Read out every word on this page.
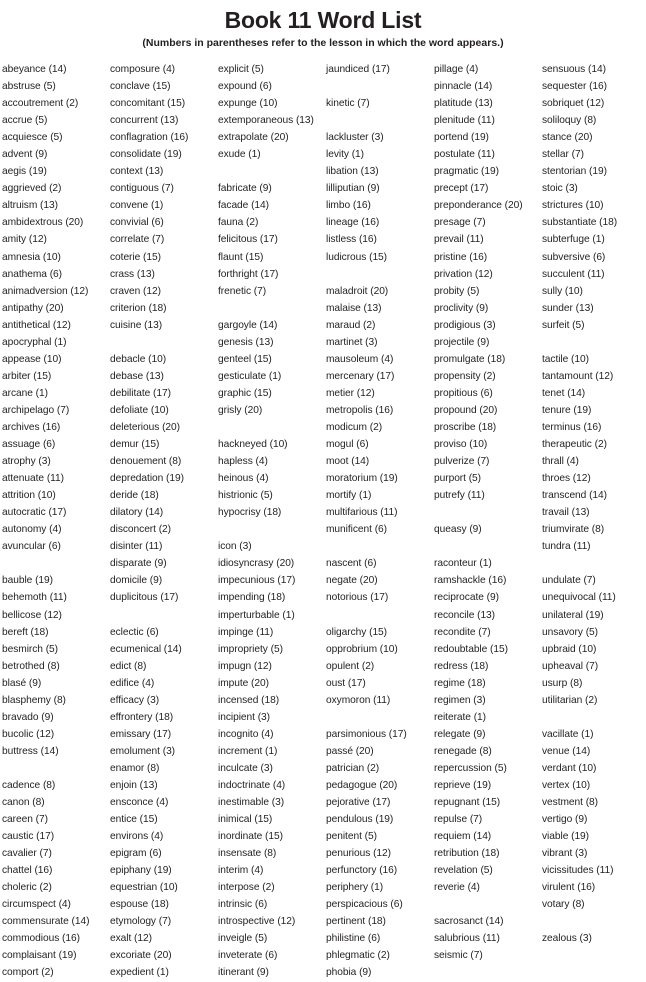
Book 11 Word List

(Numbers in parentheses refer to the lesson in which the word appears.)

abeyance (14)
abstruse (5)
accoutrement (2)
accrue (5)
acquiesce (5)
advent (9)
aegis (19)
aggrieved (2)
altruism (13)
ambidextrous (20)
amity (12)
amnesia (10)
anathema (6)
animadversion (12)
antipathy (20)
antithetical (12)
apocryphal (1)
appease (10)
arbiter (15)
arcane (1)
archipelago (7)
archives (16)
assuage (6)
atrophy (3)
attenuate (11)
attrition (10)
autocratic (17)
autonomy (4)
avuncular (6)
bauble (19)
behemoth (11)
bellicose (12)
bereft (18)
besmirch (5)
betrothed (8)
blasé (9)
blasphemy (8)
bravado (9)
bucolic (12)
buttress (14)
cadence (8)
canon (8)
careen (7)
caustic (17)
cavalier (7)
chattel (16)
choleric (2)
circumspect (4)
commensurate (14)
commodious (16)
complaisant (19)
comport (2)
composure (4)
conclave (15)
concomitant (15)
concurrent (13)
conflagration (16)
consolidate (19)
context (13)
contiguous (7)
convene (1)
convivial (6)
correlate (7)
coterie (15)
crass (13)
craven (12)
criterion (18)
cuisine (13)
debacle (10)
debase (13)
debilitate (17)
defoliate (10)
deleterious (20)
demur (15)
denouement (8)
depredation (19)
deride (18)
dilatory (14)
disconcert (2)
disinter (11)
disparate (9)
domicile (9)
duplicitous (17)
eclectic (6)
ecumenical (14)
edict (8)
edifice (4)
efficacy (3)
effrontery (18)
emissary (17)
emolument (3)
enamor (8)
enjoin (13)
ensconce (4)
entice (15)
environs (4)
epigram (6)
epiphany (19)
equestrian (10)
espouse (18)
etymology (7)
exalt (12)
excoriate (20)
expedient (1)
explicit (5)
expound (6)
expunge (10)
extemporaneous (13)
extrapolate (20)
exude (1)
fabricate (9)
facade (14)
fauna (2)
felicitous (17)
flaunt (15)
forthright (17)
frenetic (7)
gargoyle (14)
genesis (13)
genteel (15)
gesticulate (1)
graphic (15)
grisly (20)
hackneyed (10)
hapless (4)
heinous (4)
histrionic (5)
hypocrisy (18)
icon (3)
idiosyncrasy (20)
impecunious (17)
impending (18)
imperturbable (1)
impinge (11)
impropriety (5)
impugn (12)
impute (20)
incensed (18)
incipient (3)
incognito (4)
increment (1)
inculcate (3)
indoctrinate (4)
inestimable (3)
inimical (15)
inordinate (15)
insensate (8)
interim (4)
interpose (2)
intrinsic (6)
introspective (12)
inveigle (5)
inveterate (6)
itinerant (9)
jaundiced (17)
kinetic (7)
lackluster (3)
levity (1)
libation (13)
lilliputian (9)
limbo (16)
lineage (16)
listless (16)
ludicrous (15)
maladroit (20)
malaise (13)
maraud (2)
martinet (3)
mausoleum (4)
mercenary (17)
metier (12)
metropolis (16)
modicum (2)
mogul (6)
moot (14)
moratorium (19)
mortify (1)
multifarious (11)
munificent (6)
nascent (6)
negate (20)
notorious (17)
oligarchy (15)
opprobrium (10)
opulent (2)
oust (17)
oxymoron (11)
parsimonious (17)
passé (20)
patrician (2)
pedagogue (20)
pejorative (17)
pendulous (19)
penitent (5)
penurious (12)
perfunctory (16)
periphery (1)
perspicacious (6)
pertinent (18)
philistine (6)
phlegmatic (2)
phobia (9)
pillage (4)
pinnacle (14)
platitude (13)
plenitude (11)
portend (19)
postulate (11)
pragmatic (19)
precept (17)
preponderance (20)
presage (7)
prevail (11)
pristine (16)
privation (12)
probity (5)
proclivity (9)
prodigious (3)
projectile (9)
promulgate (18)
propensity (2)
propitious (6)
propound (20)
proscribe (18)
proviso (10)
pulverize (7)
purport (5)
putrefy (11)
queasy (9)
raconteur (1)
ramshackle (16)
reciprocate (9)
reconcile (13)
recondite (7)
redoubtable (15)
redress (18)
regime (18)
regimen (3)
reiterate (1)
relegate (9)
renegade (8)
repercussion (5)
reprieve (19)
repugnant (15)
repulse (7)
requiem (14)
retribution (18)
revelation (5)
reverie (4)
sacrosanct (14)
salubrious (11)
seismic (7)
sensuous (14)
sequester (16)
sobriquet (12)
soliloquy (8)
stance (20)
stellar (7)
stentorian (19)
stoic (3)
strictures (10)
substantiate (18)
subterfuge (1)
subversive (6)
succulent (11)
sully (10)
sunder (13)
surfeit (5)
tactile (10)
tantamount (12)
tenet (14)
tenure (19)
terminus (16)
therapeutic (2)
thrall (4)
throes (12)
transcend (14)
travail (13)
triumvirate (8)
tundra (11)
undulate (7)
unequivocal (11)
unilateral (19)
unsavory (5)
upbraid (10)
upheaval (7)
usurp (8)
utilitarian (2)
vacillate (1)
venue (14)
verdant (10)
vertex (10)
vestment (8)
vertigo (9)
viable (19)
vibrant (3)
vicissitudes (11)
virulent (16)
votary (8)
zealous (3)
